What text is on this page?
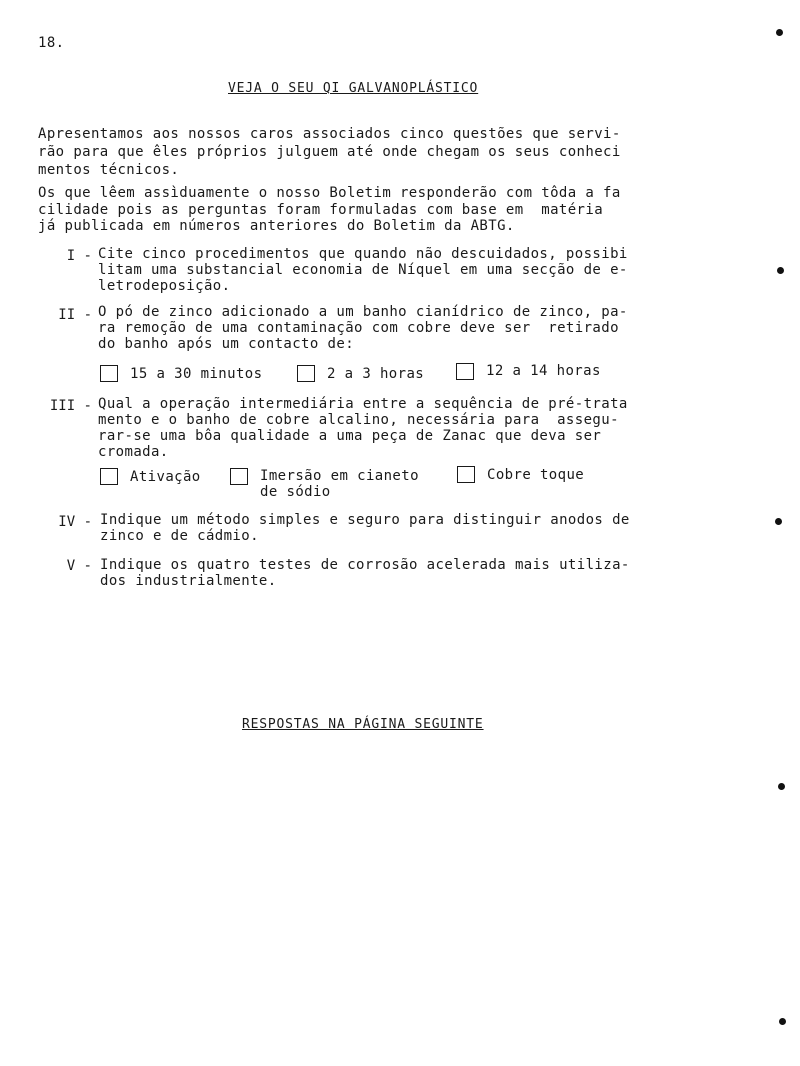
18.
VEJA O SEU QI GALVANOPLÁSTICO
Apresentamos aos nossos caros associados cinco questões que servi-
rão para que êles próprios julguem até onde chegam os seus conheci
mentos técnicos.
Os que lêem assìduamente o nosso Boletim responderão com tôda a fa
cilidade pois as perguntas foram formuladas com base em  matéria
já publicada em números anteriores do Boletim da ABTG.
I - Cite cinco procedimentos que quando não descuidados, possibi
litam uma substancial economia de Níquel em uma secção de e-
letrodeposição.
II - O pó de zinco adicionado a um banho cianídrico de zinco, pa-
ra remoção de uma contaminação com cobre deve ser  retirado
do banho após um contacto de:
15 a 30 minutos	2 a 3 horas	12 a 14 horas
III - Qual a operação intermediária entre a sequência de pré-trata
mento e o banho de cobre alcalino, necessária para  assegu-
rar-se uma bôa qualidade a uma peça de Zanac que deva ser
cromada.
Ativação	Imersão em cianeto
de sódio
Cobre toque
IV - Indique um método simples e seguro para distinguir anodos de
zinco e de cádmio.
V - Indique os quatro testes de corrosão acelerada mais utiliza-
dos industrialmente.
RESPOSTAS NA PÁGINA SEGUINTE
